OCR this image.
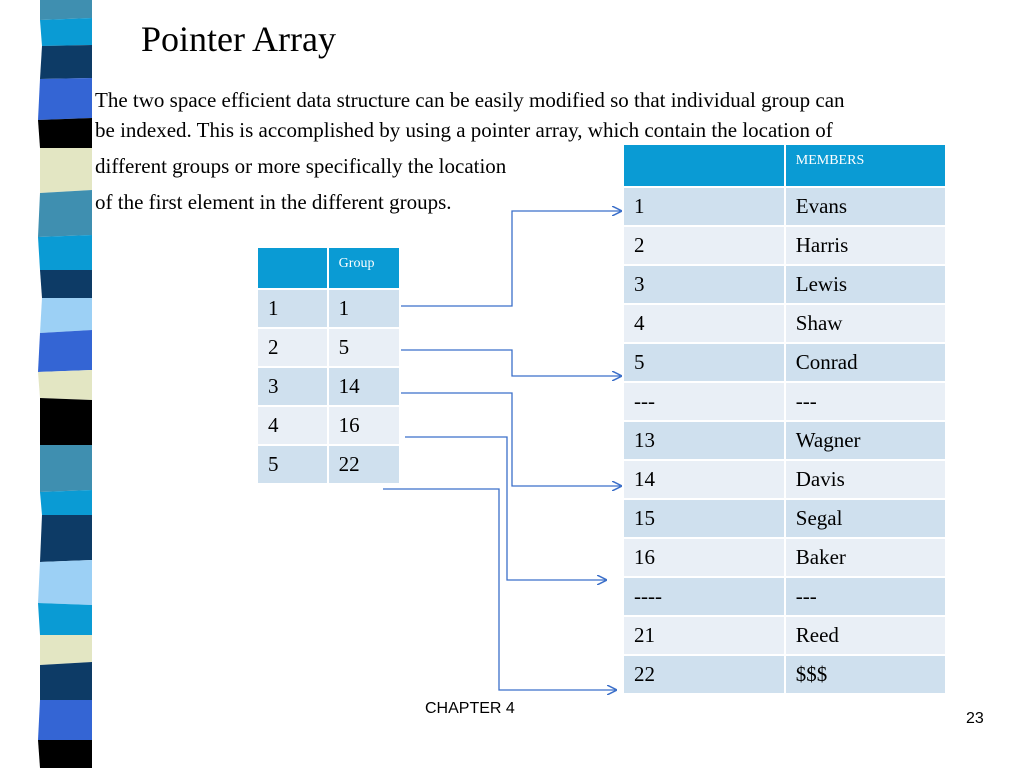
Pointer Array
The two space efficient data structure can be easily modified so that individual group can
be indexed. This is accomplished by using a pointer array, which contain the location of
different groups or more specifically the location
of the first element in the different groups.
	Group
1	1
2	5
3	14
4	16
5	22
	MEMBERS
1	Evans
2	Harris
3	Lewis
4	Shaw
5	Conrad
---	---
13	Wagner
14	Davis
15	Segal
16	Baker
----	---
21	Reed
22	$$$
CHAPTER 4
23
